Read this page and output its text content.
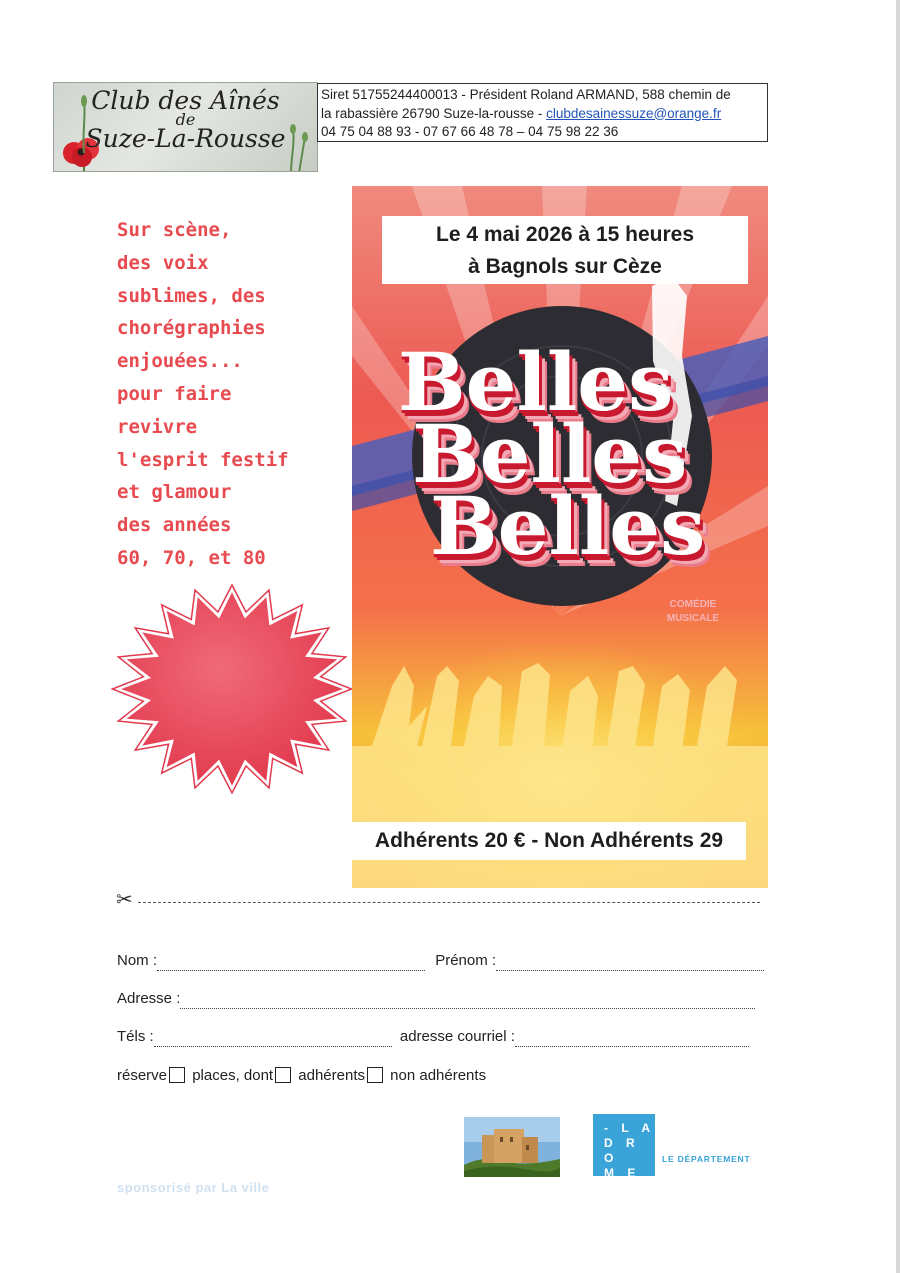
Club des Aînés
de
Suze-La-Rousse
Siret 51755244400013 - Président Roland ARMAND, 588 chemin de
la rabassière 26790 Suze-la-rousse - clubdesainessuze@orange.fr
04 75 04 88 93 - 07 67 66 48 78 – 04 75 98 22 36
Sur scène,
des voix
sublimes, des
chorégraphies
enjouées...
pour faire
revivre
l'esprit festif
et glamour
des années
60, 70, et 80
Le 4 mai 2026 à 15 heures
à Bagnols sur Cèze
Belles
Belles
Belles
COMÉDIE
MUSICALE
Adhérents 20 € - Non Adhérents 29
✂
Nom :	Prénom :
Adresse :
Téls :	adresse courriel :
réserve places, dont adhérents non adhérents
- L A
D R O
M E -
LE DÉPARTEMENT
sponsorisé par La ville
